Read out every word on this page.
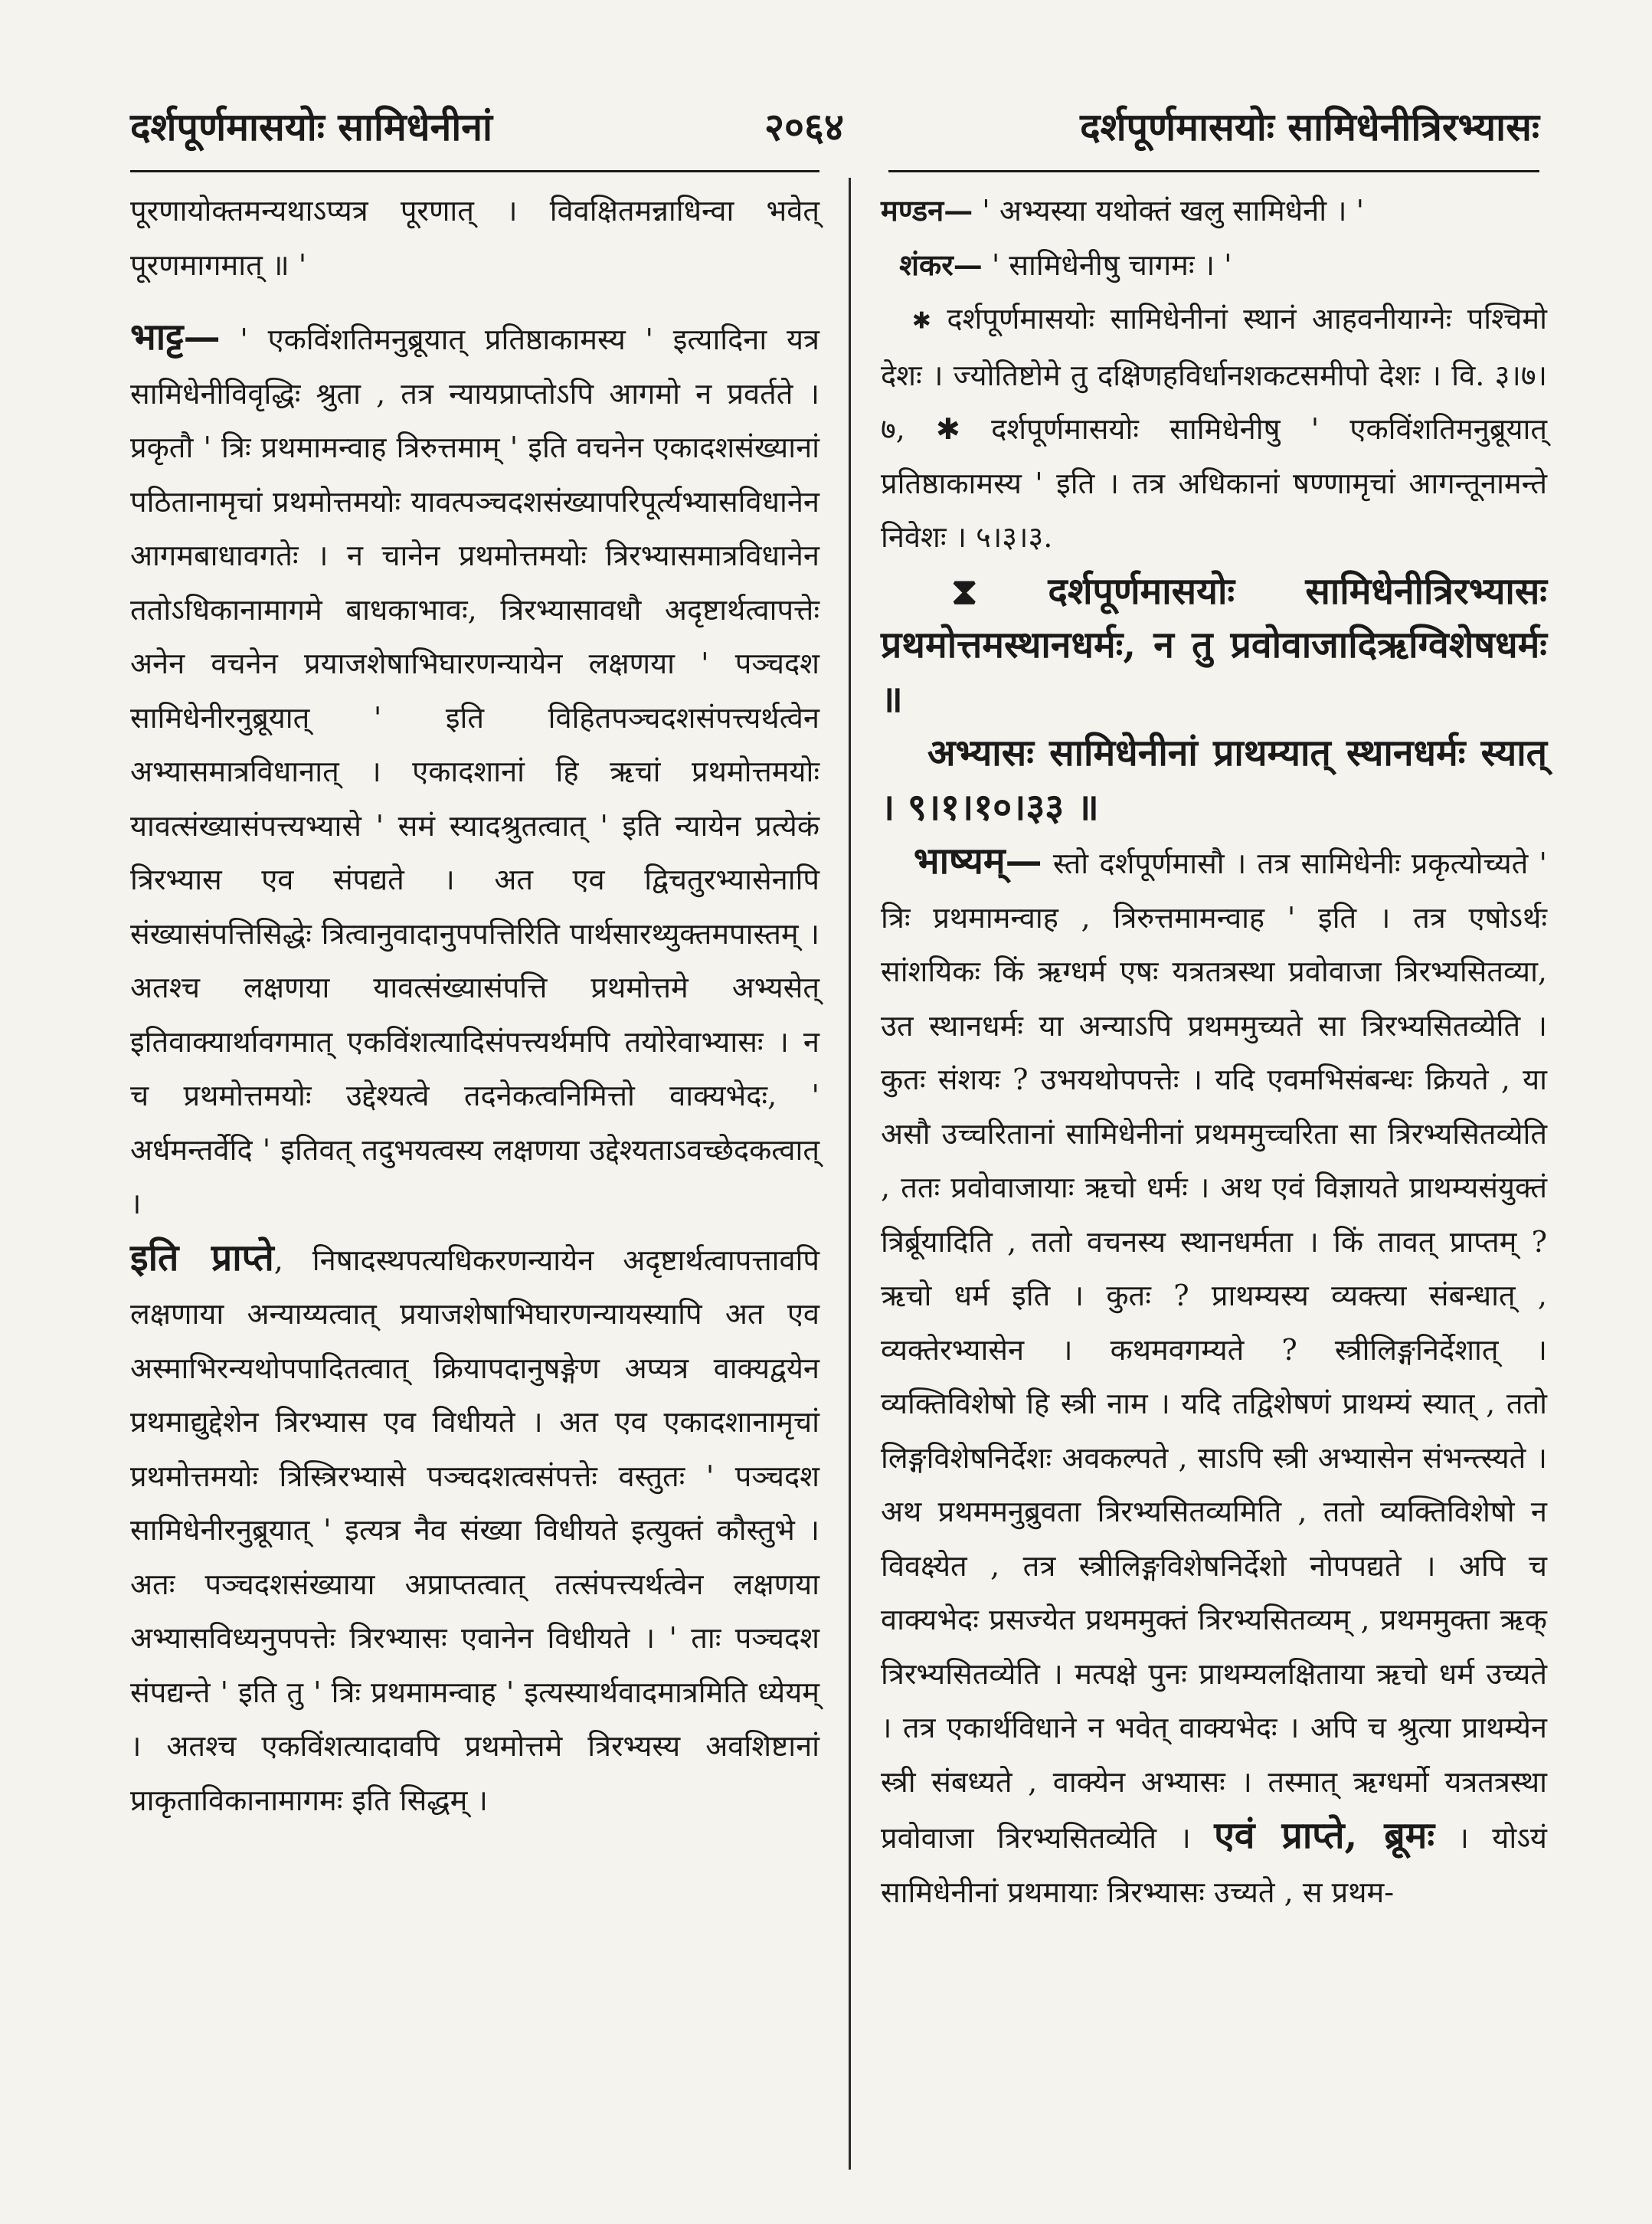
दर्शपूर्णमासयोः सामिधेनीनां	२०६४	दर्शपूर्णमासयोः सामिधेनीत्रिरभ्यासः

पूरणायोक्तमन्यथाऽप्यत्र पूरणात् । विवक्षितमन्नाधिन्वा भवेत् पूरणमागमात् ॥ '

भाट्ट— ' एकविंशतिमनुब्रूयात् प्रतिष्ठाकामस्य ' इत्यादिना यत्र सामिधेनीविवृद्धिः श्रुता , तत्र न्यायप्राप्तोऽपि आगमो न प्रवर्तते । प्रकृतौ ' त्रिः प्रथमामन्वाह त्रिरुत्तमाम् ' इति वचनेन एकादशसंख्यानां पठितानामृचां प्रथमोत्तमयोः यावत्पञ्चदशसंख्यापरिपूर्त्यभ्यासविधानेन आगमबाधावगतेः । न चानेन प्रथमोत्तमयोः त्रिरभ्यासमात्रविधानेन ततोऽधिकानामागमे बाधकाभावः, त्रिरभ्यासावधौ अदृष्टार्थत्वापत्तेः अनेन वचनेन प्रयाजशेषाभिघारणन्यायेन लक्षणया ' पञ्चदश सामिधेनीरनुब्रूयात् ' इति विहितपञ्चदशसंपत्त्यर्थत्वेन अभ्यासमात्रविधानात् । एकादशानां हि ऋचां प्रथमोत्तमयोः यावत्संख्यासंपत्त्यभ्यासे ' समं स्यादश्रुतत्वात् ' इति न्यायेन प्रत्येकं त्रिरभ्यास एव संपद्यते । अत एव द्विचतुरभ्यासेनापि संख्यासंपत्तिसिद्धेः त्रित्वानुवादानुपपत्तिरिति पार्थसारथ्युक्तमपास्तम् । अतश्च लक्षणया यावत्संख्यासंपत्ति प्रथमोत्तमे अभ्यसेत् इतिवाक्यार्थावगमात् एकविंशत्यादिसंपत्त्यर्थमपि तयोरेवाभ्यासः । न च प्रथमोत्तमयोः उद्देश्यत्वे तदनेकत्वनिमित्तो वाक्यभेदः, ' अर्धमन्तर्वेदि ' इतिवत् तदुभयत्वस्य लक्षणया उद्देश्यताऽवच्छेदकत्वात् ।

इति प्राप्ते, निषादस्थपत्यधिकरणन्यायेन अदृष्टार्थत्वापत्तावपि लक्षणाया अन्याय्यत्वात् प्रयाजशेषाभिघारणन्यायस्यापि अत एव अस्माभिरन्यथोपपादितत्वात् क्रियापदानुषङ्गेण अप्यत्र वाक्यद्वयेन प्रथमाद्युद्देशेन त्रिरभ्यास एव विधीयते । अत एव एकादशानामृचां प्रथमोत्तमयोः त्रिस्त्रिरभ्यासे पञ्चदशत्वसंपत्तेः वस्तुतः ' पञ्चदश सामिधेनीरनुब्रूयात् ' इत्यत्र नैव संख्या विधीयते इत्युक्तं कौस्तुभे । अतः पञ्चदशसंख्याया अप्राप्तत्वात् तत्संपत्त्यर्थत्वेन लक्षणया अभ्यासविध्यनुपपत्तेः त्रिरभ्यासः एवानेन विधीयते । ' ताः पञ्चदश संपद्यन्ते ' इति तु ' त्रिः प्रथमामन्वाह ' इत्यस्यार्थवादमात्रमिति ध्येयम् । अतश्च एकविंशत्यादावपि प्रथमोत्तमे त्रिरभ्यस्य अवशिष्टानां प्राकृताविकानामागमः इति सिद्धम् ।

मण्डन— ' अभ्यस्या यथोक्तं खलु सामिधेनी । '

शंकर— ' सामिधेनीषु चागमः । '

✱ दर्शपूर्णमासयोः सामिधेनीनां स्थानं आहवनीयाग्नेः पश्चिमो देशः । ज्योतिष्टोमे तु दक्षिणहविर्धानशकटसमीपो देशः । वि. ३।७।७, ✱ दर्शपूर्णमासयोः सामिधेनीषु ' एकविंशतिमनुब्रूयात् प्रतिष्ठाकामस्य ' इति । तत्र अधिकानां षण्णामृचां आगन्तूनामन्ते निवेशः । ५।३।३.

⧗ दर्शपूर्णमासयोः सामिधेनीत्रिरभ्यासः प्रथमोत्तमस्थानधर्मः, न तु प्रवोवाजादिऋग्विशेषधर्मः ॥

अभ्यासः सामिधेनीनां प्राथम्यात् स्थानधर्मः स्यात् । ९।१।१०।३३ ॥

भाष्यम्— स्तो दर्शपूर्णमासौ । तत्र सामिधेनीः प्रकृत्योच्यते ' त्रिः प्रथमामन्वाह , त्रिरुत्तमामन्वाह ' इति । तत्र एषोऽर्थः सांशयिकः किं ऋग्धर्म एषः यत्रतत्रस्था प्रवोवाजा त्रिरभ्यसितव्या, उत स्थानधर्मः या अन्याऽपि प्रथममुच्यते सा त्रिरभ्यसितव्येति । कुतः संशयः ? उभयथोपपत्तेः । यदि एवमभिसंबन्धः क्रियते , या असौ उच्चरितानां सामिधेनीनां प्रथममुच्चरिता सा त्रिरभ्यसितव्येति , ततः प्रवोवाजायाः ऋचो धर्मः । अथ एवं विज्ञायते प्राथम्यसंयुक्तं त्रिर्ब्रूयादिति , ततो वचनस्य स्थानधर्मता । किं तावत् प्राप्तम् ? ऋचो धर्म इति । कुतः ? प्राथम्यस्य व्यक्त्या संबन्धात् , व्यक्तेरभ्यासेन । कथमवगम्यते ? स्त्रीलिङ्गनिर्देशात् । व्यक्तिविशेषो हि स्त्री नाम । यदि तद्विशेषणं प्राथम्यं स्यात् , ततो लिङ्गविशेषनिर्देशः अवकल्पते , साऽपि स्त्री अभ्यासेन संभन्त्स्यते । अथ प्रथममनुब्रुवता त्रिरभ्यसितव्यमिति , ततो व्यक्तिविशेषो न विवक्ष्येत , तत्र स्त्रीलिङ्गविशेषनिर्देशो नोपपद्यते । अपि च वाक्यभेदः प्रसज्येत प्रथममुक्तं त्रिरभ्यसितव्यम् , प्रथममुक्ता ऋक् त्रिरभ्यसितव्येति । मत्पक्षे पुनः प्राथम्यलक्षिताया ऋचो धर्म उच्यते । तत्र एकार्थविधाने न भवेत् वाक्यभेदः । अपि च श्रुत्या प्राथम्येन स्त्री संबध्यते , वाक्येन अभ्यासः । तस्मात् ऋग्धर्मो यत्रतत्रस्था प्रवोवाजा त्रिरभ्यसितव्येति । एवं प्राप्ते, ब्रूमः । योऽयं सामिधेनीनां प्रथमायाः त्रिरभ्यासः उच्यते , स प्रथम-
